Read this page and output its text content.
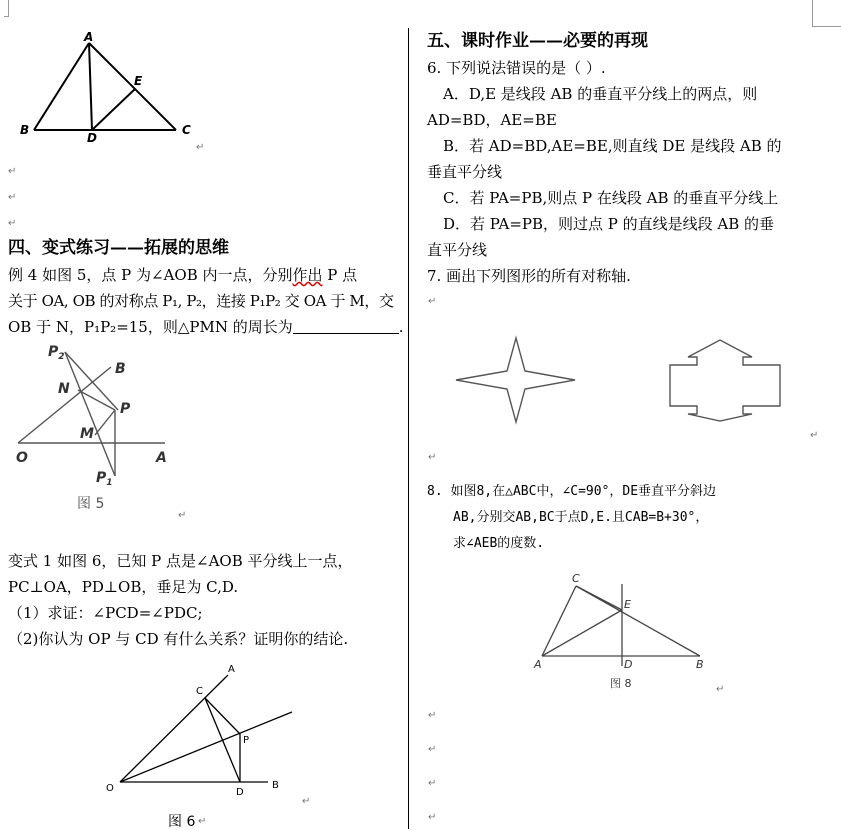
A
E
B
D
C
↵
↵
↵
↵
四、变式练习——拓展的思维
例 4 如图 5，点 P 为∠AOB 内一点，分别作出 P 点
关于 OA, OB 的对称点 P₁, P₂，连接 P₁P₂ 交 OA 于 M，交
OB 于 N，P₁P₂=15，则△PMN 的周长为	.
$P_2$
B
N
P
M
O	A
$P_1$
图 5
↵
变式 1 如图 6，已知 P 点是∠AOB 平分线上一点，
PC⊥OA，PD⊥OB，垂足为 C,D.
（1）求证：∠PCD=∠PDC;
（2)你认为 OP 与 CD 有什么关系？证明你的结论.
A
C
P
O	D
B
图 6
↵
↵
五、课时作业——必要的再现
6. 下列说法错误的是（ ）.
A．D,E 是线段 AB 的垂直平分线上的两点，则
AD=BD，AE=BE
B．若 AD=BD,AE=BE,则直线 DE 是线段 AB 的
垂直平分线
C．若 PA=PB,则点 P 在线段 AB 的垂直平分线上
D．若 PA=PB，则过点 P 的直线是线段 AB 的垂
直平分线
7. 画出下列图形的所有对称轴.
↵
↵
↵
8. 如图8,在△ABC中，∠C=90°，DE垂直平分斜边
AB,分别交AB,BC于点D,E.且CAB=B+30°，
求∠AEB的度数.
C
E
A	D	B
图 8	↵
↵
↵
↵
↵
